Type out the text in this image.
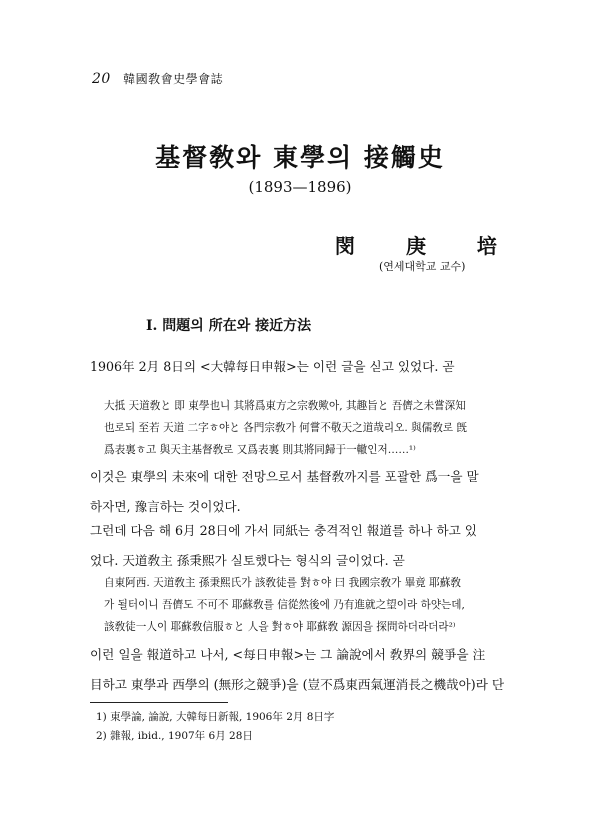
20 韓國敎會史學會誌
基督敎와 東學의 接觸史
(1893—1896)
閔 庚 培
(연세대학교 교수)
I. 問題의 所在와 接近方法
1906年 2月 8日의 <大韓每日申報>는 이런 글을 싣고 있었다. 곧
大抵 天道敎と 即 東學也니 其將爲東方之宗敎歟아, 其趣旨と 吾儕之未嘗深知
也로되 至若 天道 二字ㅎ야と 各門宗敎가 何嘗不敬天之道哉리오. 與儒敎로 旣
爲表裏ㅎ고 與天主基督敎로 又爲表裏 則其將同歸于一轍인저……¹⁾
이것은 東學의 未來에 대한 전망으로서 基督敎까지를 포괄한 爲一을 말
하자면, 豫言하는 것이었다.
그런데 다음 해 6月 28日에 가서 同紙는 충격적인 報道를 하나 하고 있
었다. 天道敎主 孫秉熙가 실토했다는 형식의 글이었다. 곧
自東阿西. 天道敎主 孫秉熙氏가 該敎徒를 對ㅎ야 曰 我國宗敎가 畢竟 耶蘇敎
가 될터이니 吾儕도 不可不 耶蘇敎를 信從然後에 乃有進就之望이라 하얏는데,
該敎徒一人이 耶蘇敎信服ㅎと 人을 對ㅎ야 耶蘇敎 源因을 探問하더라더라²⁾
이런 일을 報道하고 나서, <每日申報>는 그 論說에서 敎界의 競爭을 注
目하고 東學과 西學의 (無形之競爭)을 (豈不爲東西氣運消長之機哉아)라 단
1) 東學論, 論說, 大韓每日新報, 1906年 2月 8日字
2) 雜報, ibid., 1907年 6月 28日
